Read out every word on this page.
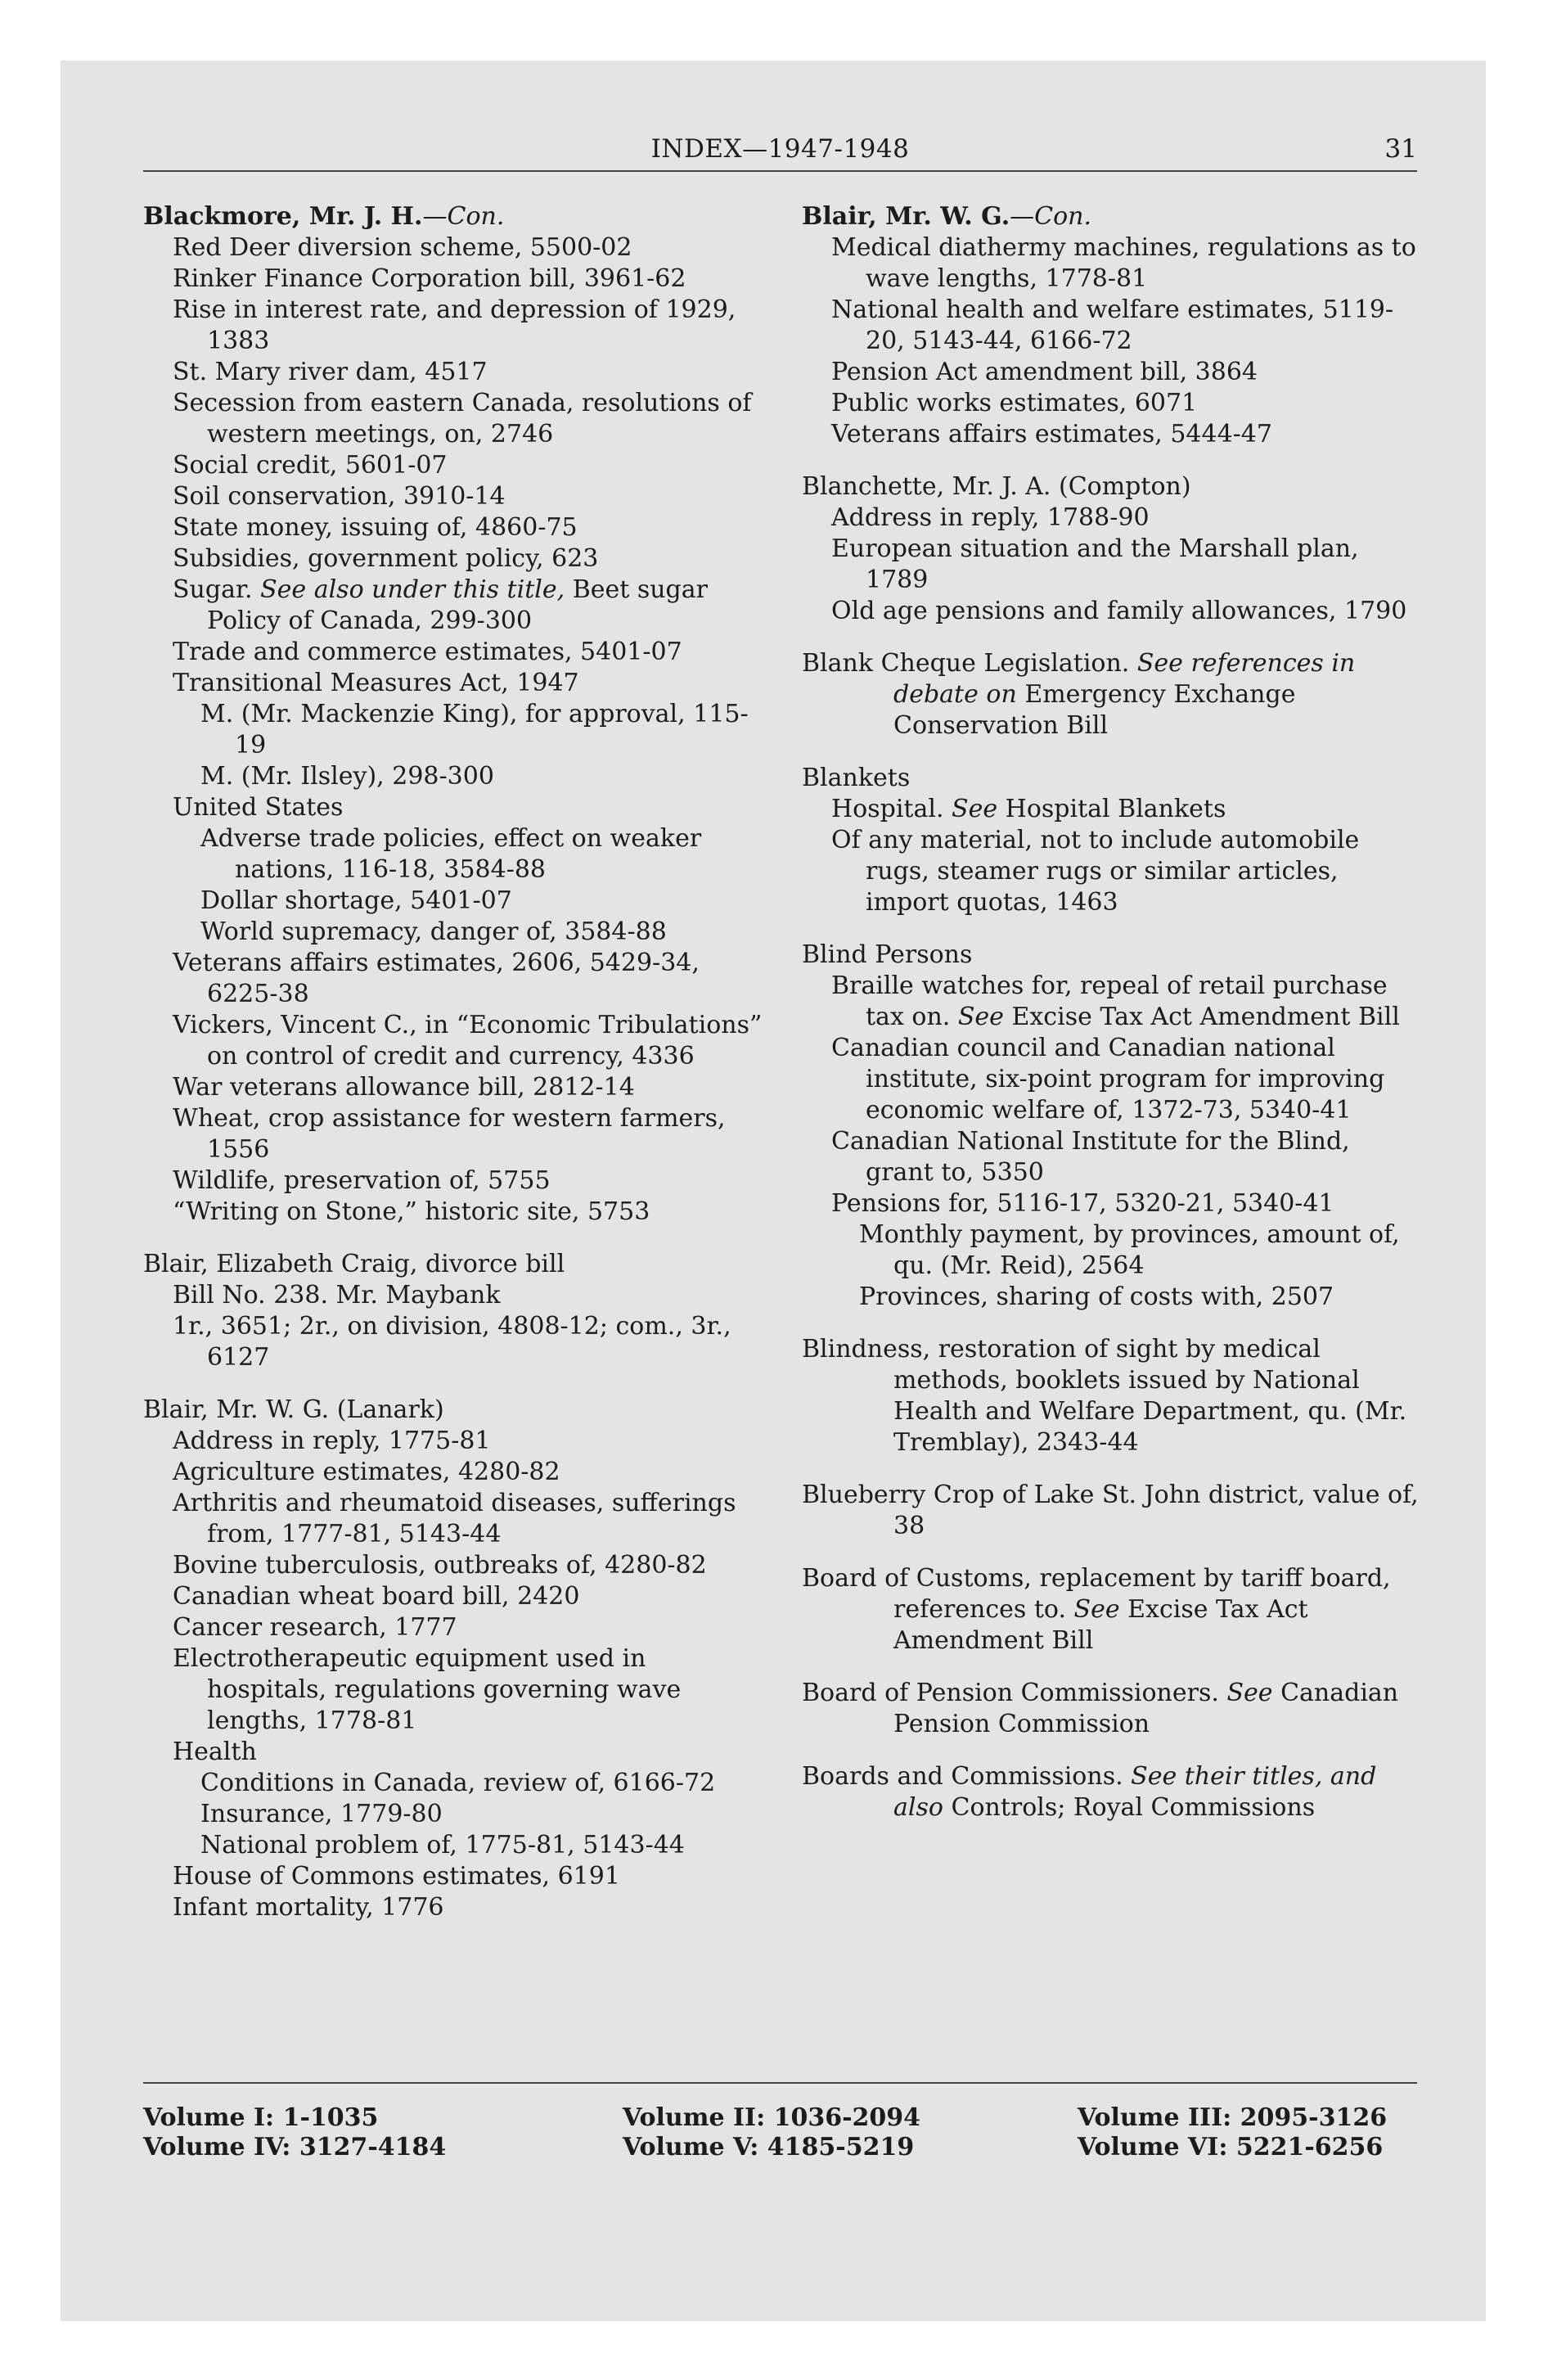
INDEX—1947-1948	31
Blackmore, Mr. J. H.—Con.
Red Deer diversion scheme, 5500-02
Rinker Finance Corporation bill, 3961-62
Rise in interest rate, and depression of 1929, 1383
St. Mary river dam, 4517
Secession from eastern Canada, resolutions of western meetings, on, 2746
Social credit, 5601-07
Soil conservation, 3910-14
State money, issuing of, 4860-75
Subsidies, government policy, 623
Sugar. See also under this title, Beet sugar Policy of Canada, 299-300
Trade and commerce estimates, 5401-07
Transitional Measures Act, 1947
M. (Mr. Mackenzie King), for approval, 115-19
M. (Mr. Ilsley), 298-300
United States
Adverse trade policies, effect on weaker nations, 116-18, 3584-88
Dollar shortage, 5401-07
World supremacy, danger of, 3584-88
Veterans affairs estimates, 2606, 5429-34, 6225-38
Vickers, Vincent C., in “Economic Tribulations” on control of credit and currency, 4336
War veterans allowance bill, 2812-14
Wheat, crop assistance for western farmers, 1556
Wildlife, preservation of, 5755
“Writing on Stone,” historic site, 5753
Blair, Elizabeth Craig, divorce bill
Bill No. 238. Mr. Maybank
1r., 3651; 2r., on division, 4808-12; com., 3r., 6127
Blair, Mr. W. G. (Lanark)
Address in reply, 1775-81
Agriculture estimates, 4280-82
Arthritis and rheumatoid diseases, sufferings from, 1777-81, 5143-44
Bovine tuberculosis, outbreaks of, 4280-82
Canadian wheat board bill, 2420
Cancer research, 1777
Electrotherapeutic equipment used in hospitals, regulations governing wave lengths, 1778-81
Health
Conditions in Canada, review of, 6166-72
Insurance, 1779-80
National problem of, 1775-81, 5143-44
House of Commons estimates, 6191
Infant mortality, 1776
Blair, Mr. W. G.—Con.
Medical diathermy machines, regulations as to wave lengths, 1778-81
National health and welfare estimates, 5119-20, 5143-44, 6166-72
Pension Act amendment bill, 3864
Public works estimates, 6071
Veterans affairs estimates, 5444-47
Blanchette, Mr. J. A. (Compton)
Address in reply, 1788-90
European situation and the Marshall plan, 1789
Old age pensions and family allowances, 1790
Blank Cheque Legislation. See references in debate on Emergency Exchange Conservation Bill
Blankets
Hospital. See Hospital Blankets
Of any material, not to include automobile rugs, steamer rugs or similar articles, import quotas, 1463
Blind Persons
Braille watches for, repeal of retail purchase tax on. See Excise Tax Act Amendment Bill
Canadian council and Canadian national institute, six-point program for improving economic welfare of, 1372-73, 5340-41
Canadian National Institute for the Blind, grant to, 5350
Pensions for, 5116-17, 5320-21, 5340-41
Monthly payment, by provinces, amount of, qu. (Mr. Reid), 2564
Provinces, sharing of costs with, 2507
Blindness, restoration of sight by medical methods, booklets issued by National Health and Welfare Department, qu. (Mr. Tremblay), 2343-44
Blueberry Crop of Lake St. John district, value of, 38
Board of Customs, replacement by tariff board, references to. See Excise Tax Act Amendment Bill
Board of Pension Commissioners. See Canadian Pension Commission
Boards and Commissions. See their titles, and also Controls; Royal Commissions
Volume I: 1-1035
Volume IV: 3127-4184
Volume II: 1036-2094
Volume V: 4185-5219
Volume III: 2095-3126
Volume VI: 5221-6256
